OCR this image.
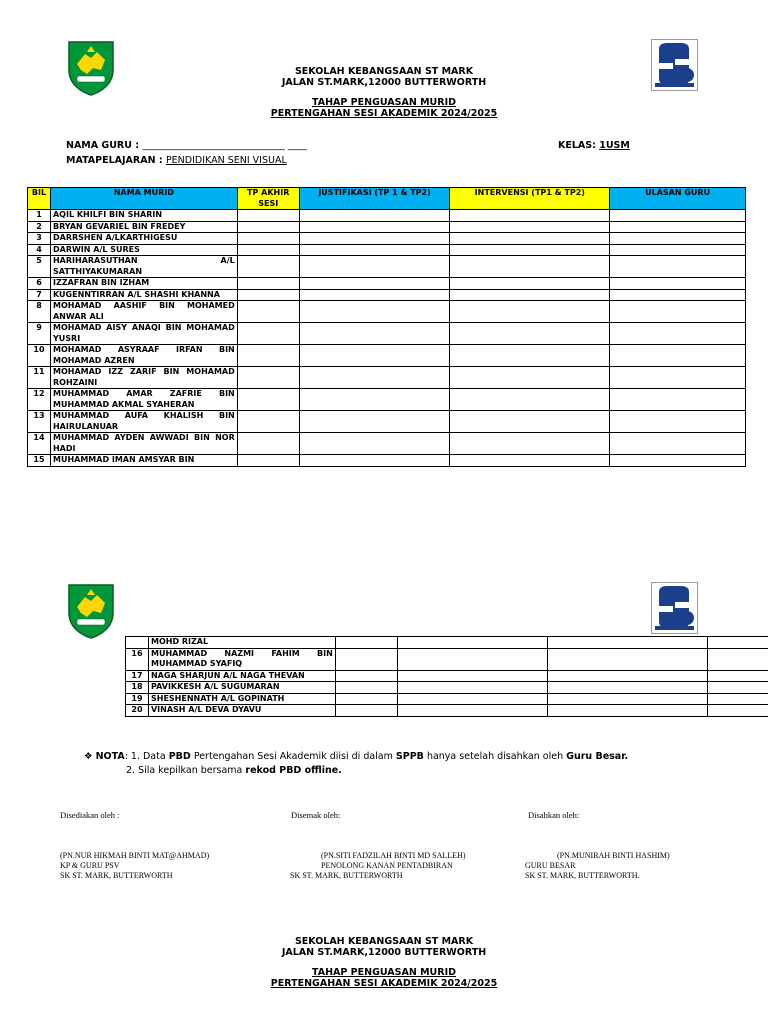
SEKOLAH KEBANGSAAN ST MARK
JALAN ST.MARK,12000 BUTTERWORTH
TAHAP PENGUASAN MURID
PERTENGAHAN SESI AKADEMIK 2024/2025
NAMA GURU : ______________________________ ____	KELAS: 1USM
MATAPELAJARAN : PENDIDIKAN SENI VISUAL
BIL	NAMA MURID	TP AKHIR SESI	JUSTIFIKASI (TP 1 & TP2)	INTERVENSI (TP1 & TP2)	ULASAN GURU
1	AQIL KHILFI BIN SHARIN				
2	BRYAN GEVARIEL BIN FREDEY				
3	DARRSHEN A/LKARTHIGESU				
4	DARWIN A/L SURES				
5	HARIHARASUTHAN A/L SATTHIYAKUMARAN				
6	IZZAFRAN BIN IZHAM				
7	KUGENNTIRRAN A/L SHASHI KHANNA				
8	MOHAMAD AASHIF BIN MOHAMED ANWAR ALI				
9	MOHAMAD AISY ANAQI BIN MOHAMAD YUSRI				
10	MOHAMAD ASYRAAF IRFAN BIN MOHAMAD AZREN				
11	MOHAMAD IZZ ZARIF BIN MOHAMAD ROHZAINI				
12	MUHAMMAD AMAR ZAFRIE BIN MUHAMMAD AKMAL SYAHERAN				
13	MUHAMMAD AUFA KHALISH BIN HAIRULANUAR				
14	MUHAMMAD AYDEN AWWADI BIN NOR HADI				
15	MUHAMMAD IMAN AMSYAR BIN				
	MOHD RIZAL				
16	MUHAMMAD NAZMI FAHIM BIN MUHAMMAD SYAFIQ				
17	NAGA SHARJUN A/L NAGA THEVAN				
18	PAVIKKESH A/L SUGUMARAN				
19	SHESHENNATH A/L GOPINATH				
20	VINASH A/L DEVA DYAVU				
❖ NOTA: 1. Data PBD Pertengahan Sesi Akademik diisi di dalam SPPB hanya setelah disahkan oleh Guru Besar.
2. Sila kepilkan bersama rekod PBD offline.
Disediakan oleh :	Disemak oleh:	Disahkan oleh:
(PN.NUR HIKMAH BINTI MAT@AHMAD)
KP & GURU PSV
SK ST. MARK, BUTTERWORTH
(PN.SITI FADZILAH BINTI MD SALLEH)
PENOLONG KANAN PENTADBIRAN
SK ST. MARK, BUTTERWORTH
(PN.MUNIRAH BINTI HASHIM)
GURU BESAR
SK ST. MARK, BUTTERWORTH.
SEKOLAH KEBANGSAAN ST MARK
JALAN ST.MARK,12000 BUTTERWORTH
TAHAP PENGUASAN MURID
PERTENGAHAN SESI AKADEMIK 2024/2025
